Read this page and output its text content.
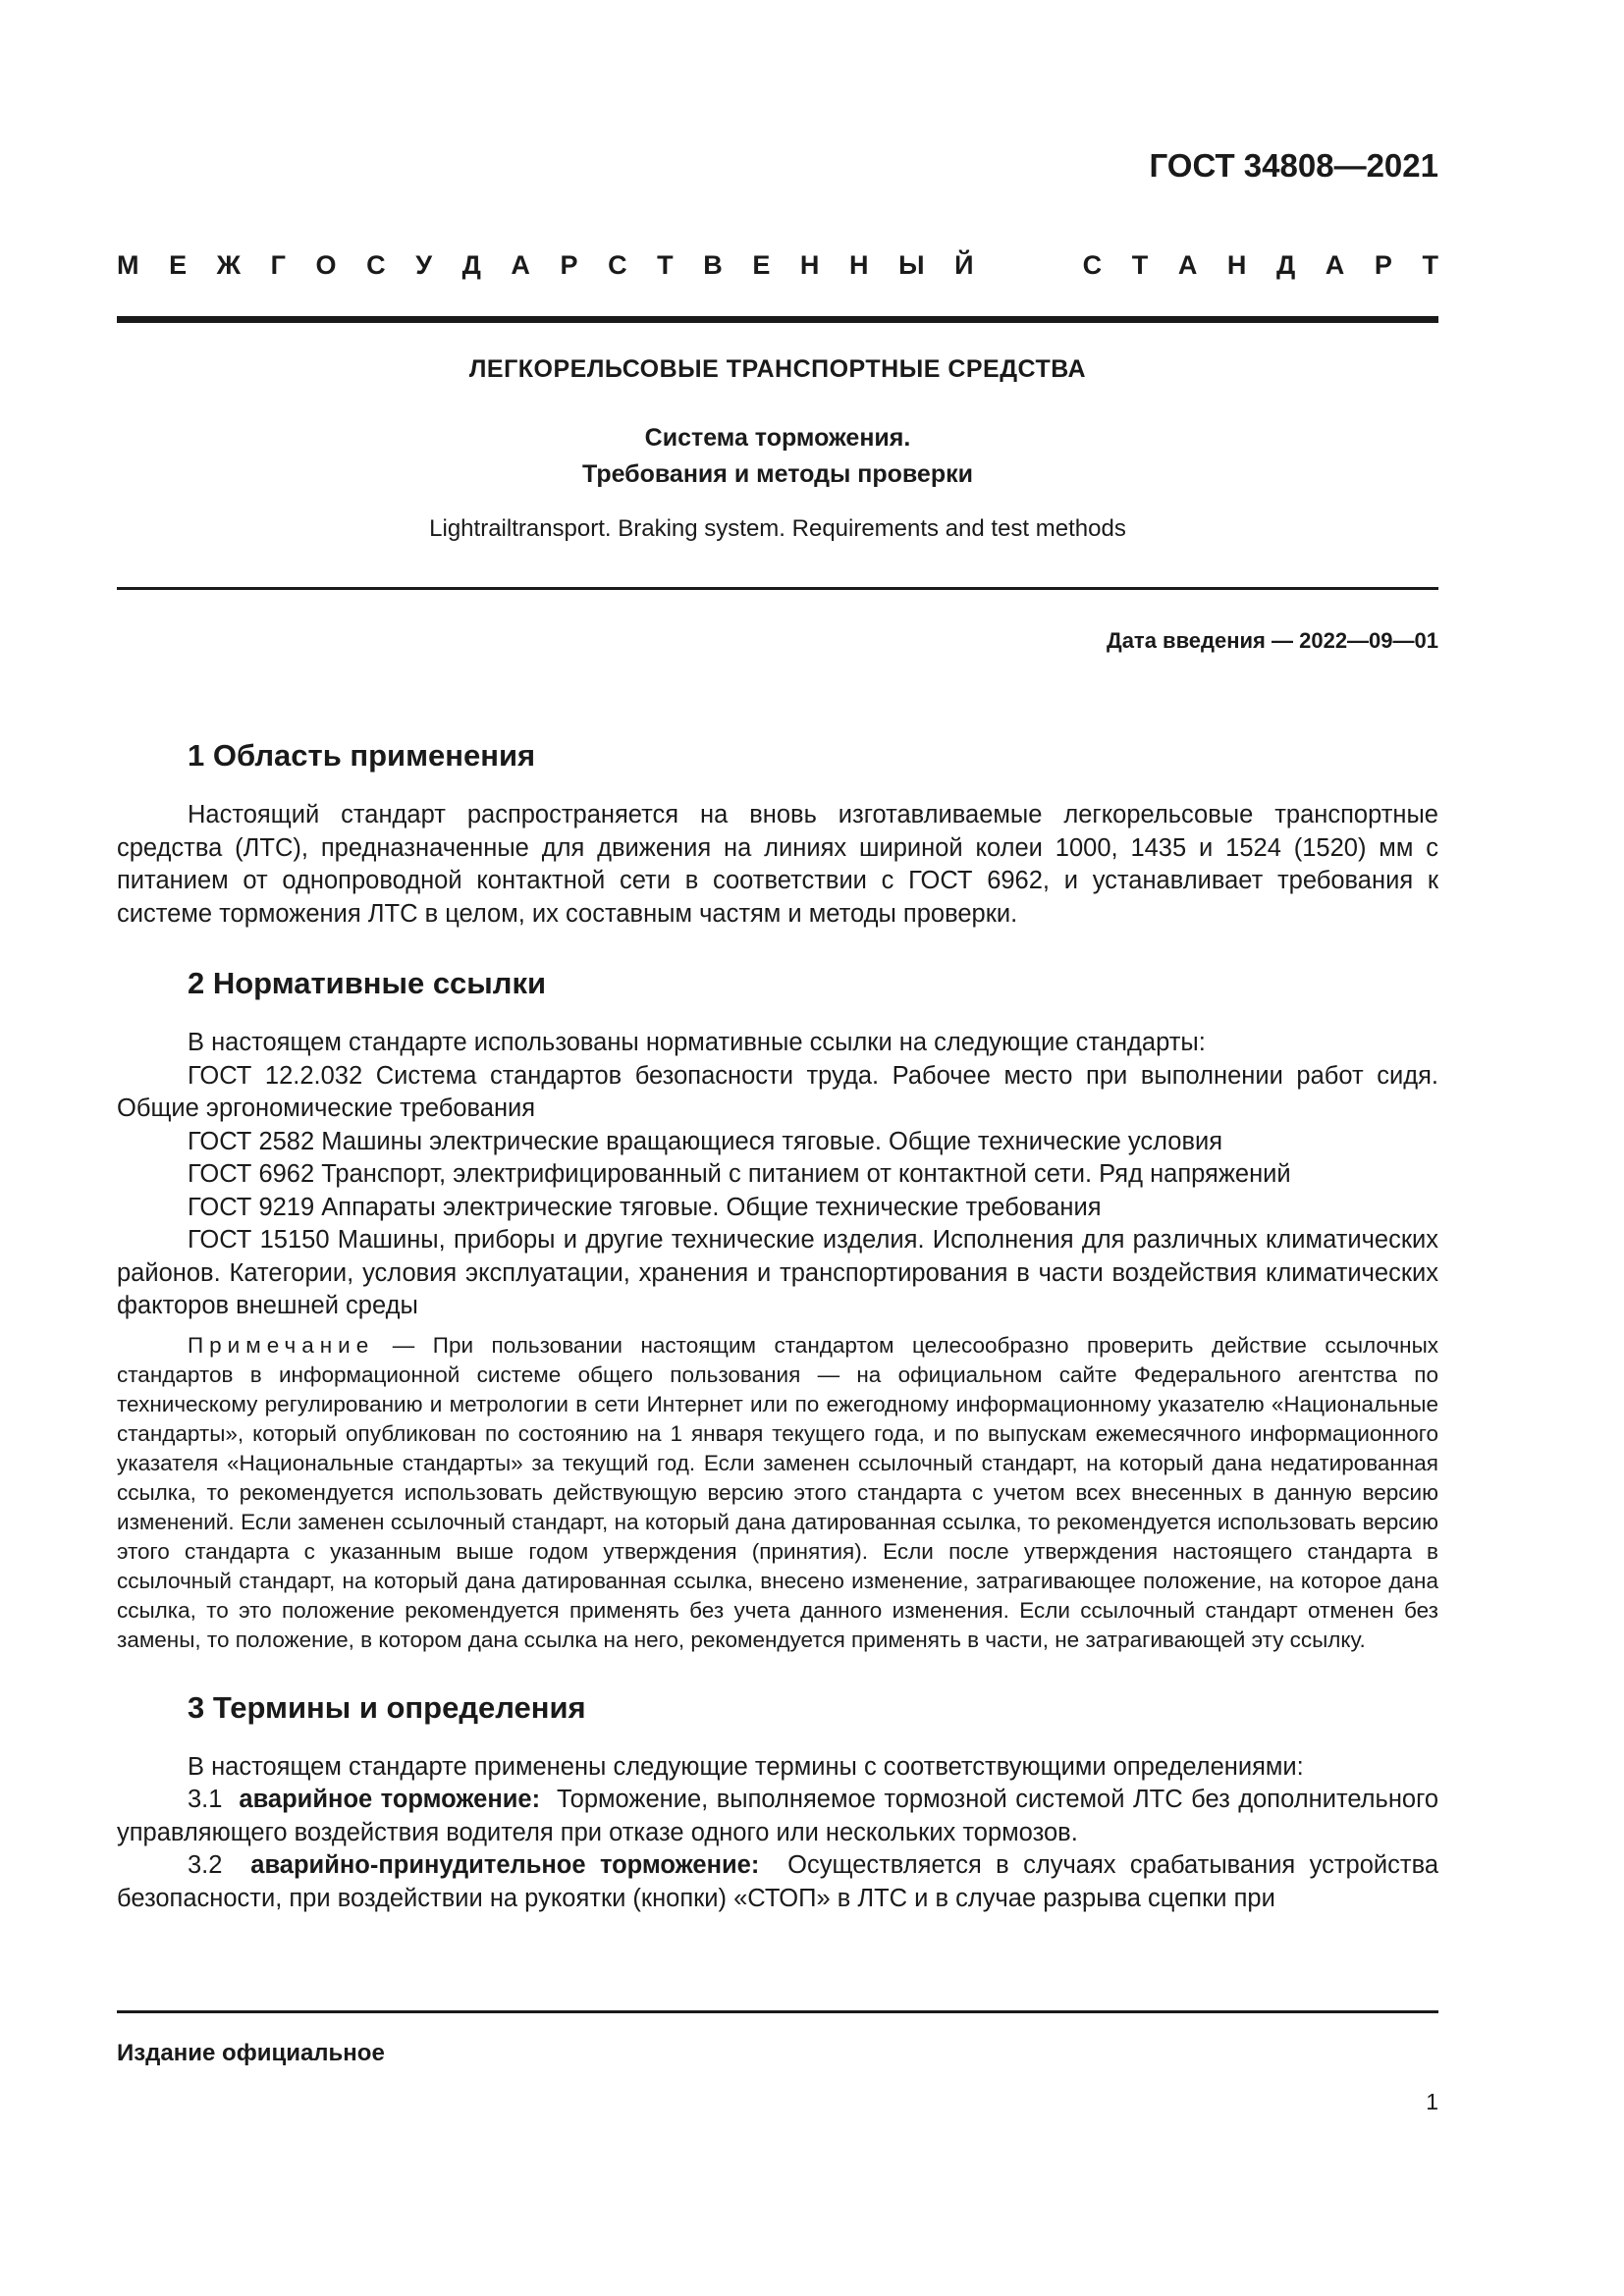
ГОСТ 34808—2021
М Е Ж Г О С У Д А Р С Т В Е Н Н Ы Й	С Т А Н Д А Р Т
ЛЕГКОРЕЛЬСОВЫЕ ТРАНСПОРТНЫЕ СРЕДСТВА
Система торможения.
Требования и методы проверки
Lightrailtransport. Braking system. Requirements and test methods
Дата введения — 2022—09—01
1 Область применения

Настоящий стандарт распространяется на вновь изготавливаемые легкорельсовые транспортные средства (ЛТС), предназначенные для движения на линиях шириной колеи 1000, 1435 и 1524 (1520) мм с питанием от однопроводной контактной сети в соответствии с ГОСТ 6962, и устанавливает требования к системе торможения ЛТС в целом, их составным частям и методы проверки.

2 Нормативные ссылки

В настоящем стандарте использованы нормативные ссылки на следующие стандарты:

ГОСТ 12.2.032 Система стандартов безопасности труда. Рабочее место при выполнении работ сидя. Общие эргономические требования

ГОСТ 2582 Машины электрические вращающиеся тяговые. Общие технические условия

ГОСТ 6962 Транспорт, электрифицированный с питанием от контактной сети. Ряд напряжений

ГОСТ 9219 Аппараты электрические тяговые. Общие технические требования

ГОСТ 15150 Машины, приборы и другие технические изделия. Исполнения для различных климатических районов. Категории, условия эксплуатации, хранения и транспортирования в части воздействия климатических факторов внешней среды

Примечание — При пользовании настоящим стандартом целесообразно проверить действие ссылочных стандартов в информационной системе общего пользования — на официальном сайте Федерального агентства по техническому регулированию и метрологии в сети Интернет или по ежегодному информационному указателю «Национальные стандарты», который опубликован по состоянию на 1 января текущего года, и по выпускам ежемесячного информационного указателя «Национальные стандарты» за текущий год. Если заменен ссылочный стандарт, на который дана недатированная ссылка, то рекомендуется использовать действующую версию этого стандарта с учетом всех внесенных в данную версию изменений. Если заменен ссылочный стандарт, на который дана датированная ссылка, то рекомендуется использовать версию этого стандарта с указанным выше годом утверждения (принятия). Если после утверждения настоящего стандарта в ссылочный стандарт, на который дана датированная ссылка, внесено изменение, затрагивающее положение, на которое дана ссылка, то это положение рекомендуется применять без учета данного изменения. Если ссылочный стандарт отменен без замены, то положение, в котором дана ссылка на него, рекомендуется применять в части, не затрагивающей эту ссылку.

3 Термины и определения

В настоящем стандарте применены следующие термины с соответствующими определениями:

3.1 аварийное торможение: Торможение, выполняемое тормозной системой ЛТС без дополнительного управляющего воздействия водителя при отказе одного или нескольких тормозов.

3.2 аварийно-принудительное торможение: Осуществляется в случаях срабатывания устройства безопасности, при воздействии на рукоятки (кнопки) «СТОП» в ЛТС и в случае разрыва сцепки при

Издание официальное
1
